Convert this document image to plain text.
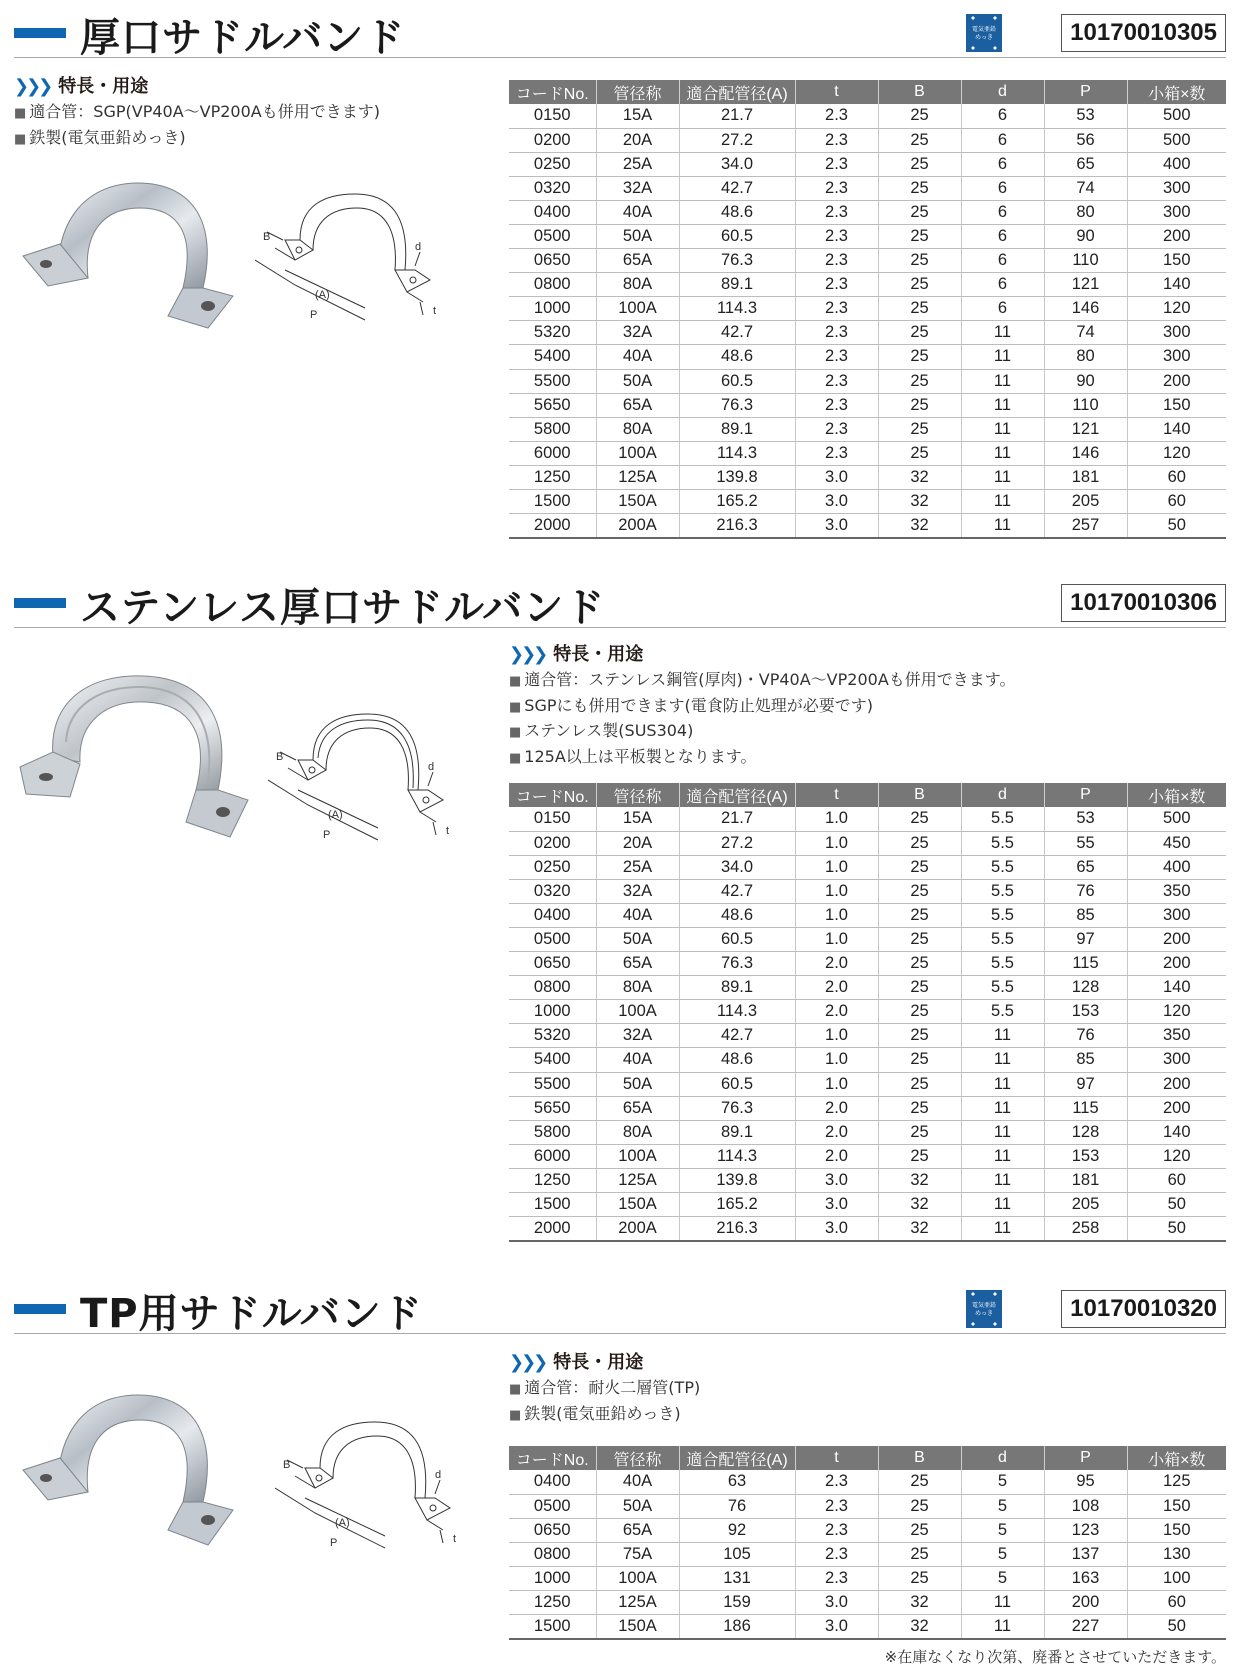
厚口サドルバンド	電気亜鉛
めっき	10170010305
❯❯❯ 特長・用途
■ 適合管：SGP(VP40A〜VP200Aも併用できます)
■ 鉄製(電気亜鉛めっき)
B
d
(A)
P	t
コードNo.	管径称	適合配管径(A)	t	B	d	P	小箱×数
0150	15A	21.7	2.3	25	6	53	500
0200	20A	27.2	2.3	25	6	56	500
0250	25A	34.0	2.3	25	6	65	400
0320	32A	42.7	2.3	25	6	74	300
0400	40A	48.6	2.3	25	6	80	300
0500	50A	60.5	2.3	25	6	90	200
0650	65A	76.3	2.3	25	6	110	150
0800	80A	89.1	2.3	25	6	121	140
1000	100A	114.3	2.3	25	6	146	120
5320	32A	42.7	2.3	25	11	74	300
5400	40A	48.6	2.3	25	11	80	300
5500	50A	60.5	2.3	25	11	90	200
5650	65A	76.3	2.3	25	11	110	150
5800	80A	89.1	2.3	25	11	121	140
6000	100A	114.3	2.3	25	11	146	120
1250	125A	139.8	3.0	32	11	181	60
1500	150A	165.2	3.0	32	11	205	60
2000	200A	216.3	3.0	32	11	257	50
ステンレス厚口サドルバンド	10170010306
❯❯❯ 特長・用途
■ 適合管：ステンレス鋼管(厚肉)・VP40A〜VP200Aも併用できます。
■ SGPにも併用できます(電食防止処理が必要です)
■ ステンレス製(SUS304)
■ 125A以上は平板製となります。
B
d
(A)
P	t
コードNo.	管径称	適合配管径(A)	t	B	d	P	小箱×数
0150	15A	21.7	1.0	25	5.5	53	500
0200	20A	27.2	1.0	25	5.5	55	450
0250	25A	34.0	1.0	25	5.5	65	400
0320	32A	42.7	1.0	25	5.5	76	350
0400	40A	48.6	1.0	25	5.5	85	300
0500	50A	60.5	1.0	25	5.5	97	200
0650	65A	76.3	2.0	25	5.5	115	200
0800	80A	89.1	2.0	25	5.5	128	140
1000	100A	114.3	2.0	25	5.5	153	120
5320	32A	42.7	1.0	25	11	76	350
5400	40A	48.6	1.0	25	11	85	300
5500	50A	60.5	1.0	25	11	97	200
5650	65A	76.3	2.0	25	11	115	200
5800	80A	89.1	2.0	25	11	128	140
6000	100A	114.3	2.0	25	11	153	120
1250	125A	139.8	3.0	32	11	181	60
1500	150A	165.2	3.0	32	11	205	50
2000	200A	216.3	3.0	32	11	258	50
TP用サドルバンド	電気亜鉛
めっき	10170010320
❯❯❯ 特長・用途
■ 適合管：耐火二層管(TP)
■ 鉄製(電気亜鉛めっき)
B
d
(A)
P	t
コードNo.	管径称	適合配管径(A)	t	B	d	P	小箱×数
0400	40A	63	2.3	25	5	95	125
0500	50A	76	2.3	25	5	108	150
0650	65A	92	2.3	25	5	123	150
0800	75A	105	2.3	25	5	137	130
1000	100A	131	2.3	25	5	163	100
1250	125A	159	3.0	32	11	200	60
1500	150A	186	3.0	32	11	227	50
※在庫なくなり次第、廃番とさせていただきます。
